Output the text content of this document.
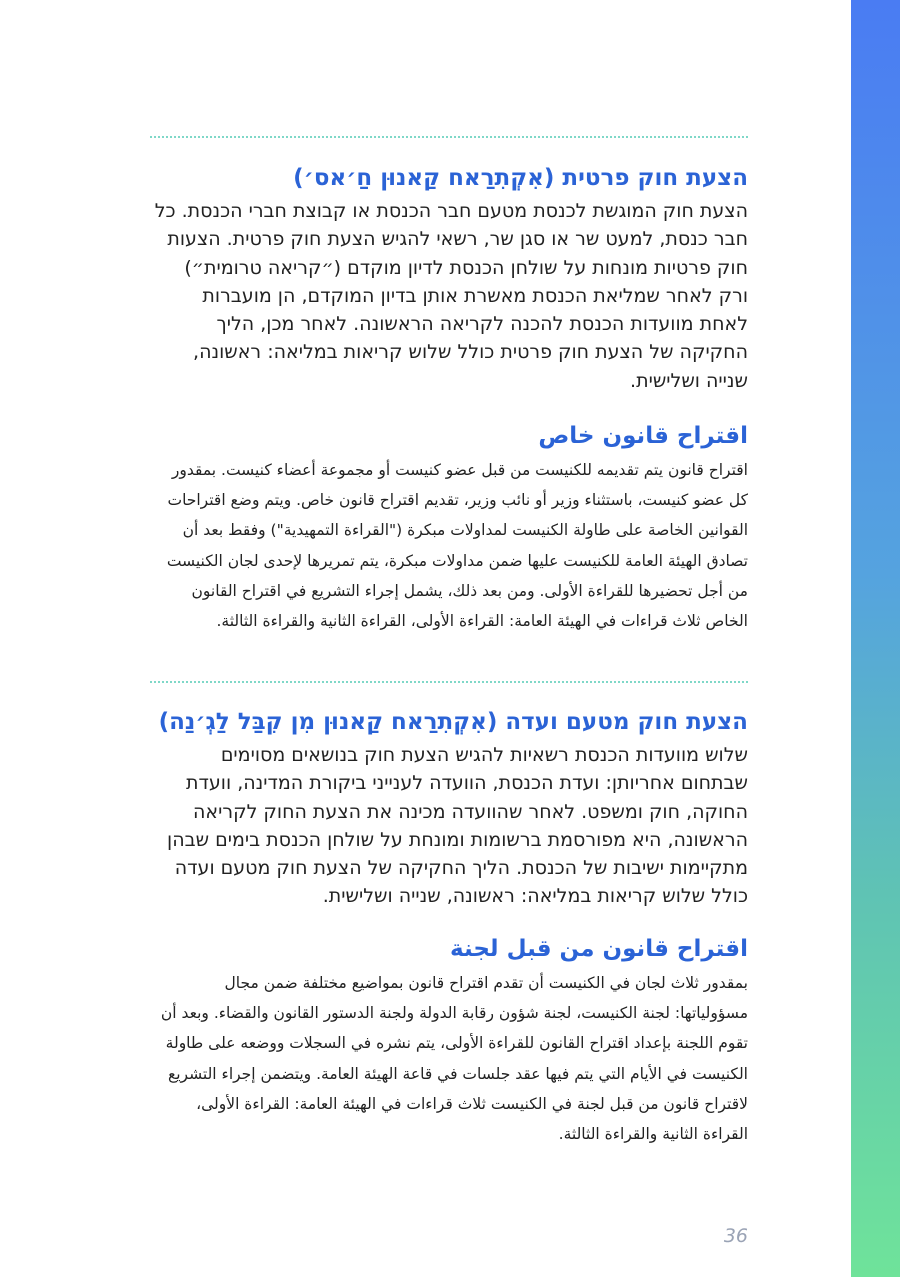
הצעת חוק פרטית (אִקְתִרַאח קַאנוּן חַ׳אס׳)

הצעת חוק המוגשת לכנסת מטעם חבר הכנסת או קבוצת חברי הכנסת. כל חבר כנסת, למעט שר או סגן שר, רשאי להגיש הצעת חוק פרטית. הצעות חוק פרטיות מונחות על שולחן הכנסת לדיון מוקדם (״קריאה טרומית״) ורק לאחר שמליאת הכנסת מאשרת אותן בדיון המוקדם, הן מועברות לאחת מוועדות הכנסת להכנה לקריאה הראשונה. לאחר מכן, הליך החקיקה של הצעת חוק פרטית כולל שלוש קריאות במליאה: ראשונה, שנייה ושלישית.

اقتراح قانون خاص

اقتراح قانون يتم تقديمه للكنيست من قبل عضو كنيست أو مجموعة أعضاء كنيست. بمقدور كل عضو كنيست، باستثناء وزير أو نائب وزير، تقديم اقتراح قانون خاص. ويتم وضع اقتراحات القوانين الخاصة على طاولة الكنيست لمداولات مبكرة ("القراءة التمهيدية") وفقط بعد أن تصادق الهيئة العامة للكنيست عليها ضمن مداولات مبكرة، يتم تمريرها لإحدى لجان الكنيست من أجل تحضيرها للقراءة الأولى. ومن بعد ذلك، يشمل إجراء التشريع في اقتراح القانون الخاص ثلاث قراءات في الهيئة العامة: القراءة الأولى، القراءة الثانية والقراءة الثالثة.

הצעת חוק מטעם ועדה (אִקְתִרַאח קַאנוּן מִן קִבַּל לַגְ׳נַה)

שלוש מוועדות הכנסת רשאיות להגיש הצעת חוק בנושאים מסוימים שבתחום אחריותן: ועדת הכנסת, הוועדה לענייני ביקורת המדינה, וועדת החוקה, חוק ומשפט. לאחר שהוועדה מכינה את הצעת החוק לקריאה הראשונה, היא מפורסמת ברשומות ומונחת על שולחן הכנסת בימים שבהן מתקיימות ישיבות של הכנסת. הליך החקיקה של הצעת חוק מטעם ועדה כולל שלוש קריאות במליאה: ראשונה, שנייה ושלישית.

اقتراح قانون من قبل لجنة

بمقدور ثلاث لجان في الكنيست أن تقدم اقتراح قانون بمواضيع مختلفة ضمن مجال مسؤولياتها: لجنة الكنيست، لجنة شؤون رقابة الدولة ولجنة الدستور القانون والقضاء. وبعد أن تقوم اللجنة بإعداد اقتراح القانون للقراءة الأولى، يتم نشره في السجلات ووضعه على طاولة الكنيست في الأيام التي يتم فيها عقد جلسات في قاعة الهيئة العامة. ويتضمن إجراء التشريع لاقتراح قانون من قبل لجنة في الكنيست ثلاث قراءات في الهيئة العامة: القراءة الأولى، القراءة الثانية والقراءة الثالثة.

36
